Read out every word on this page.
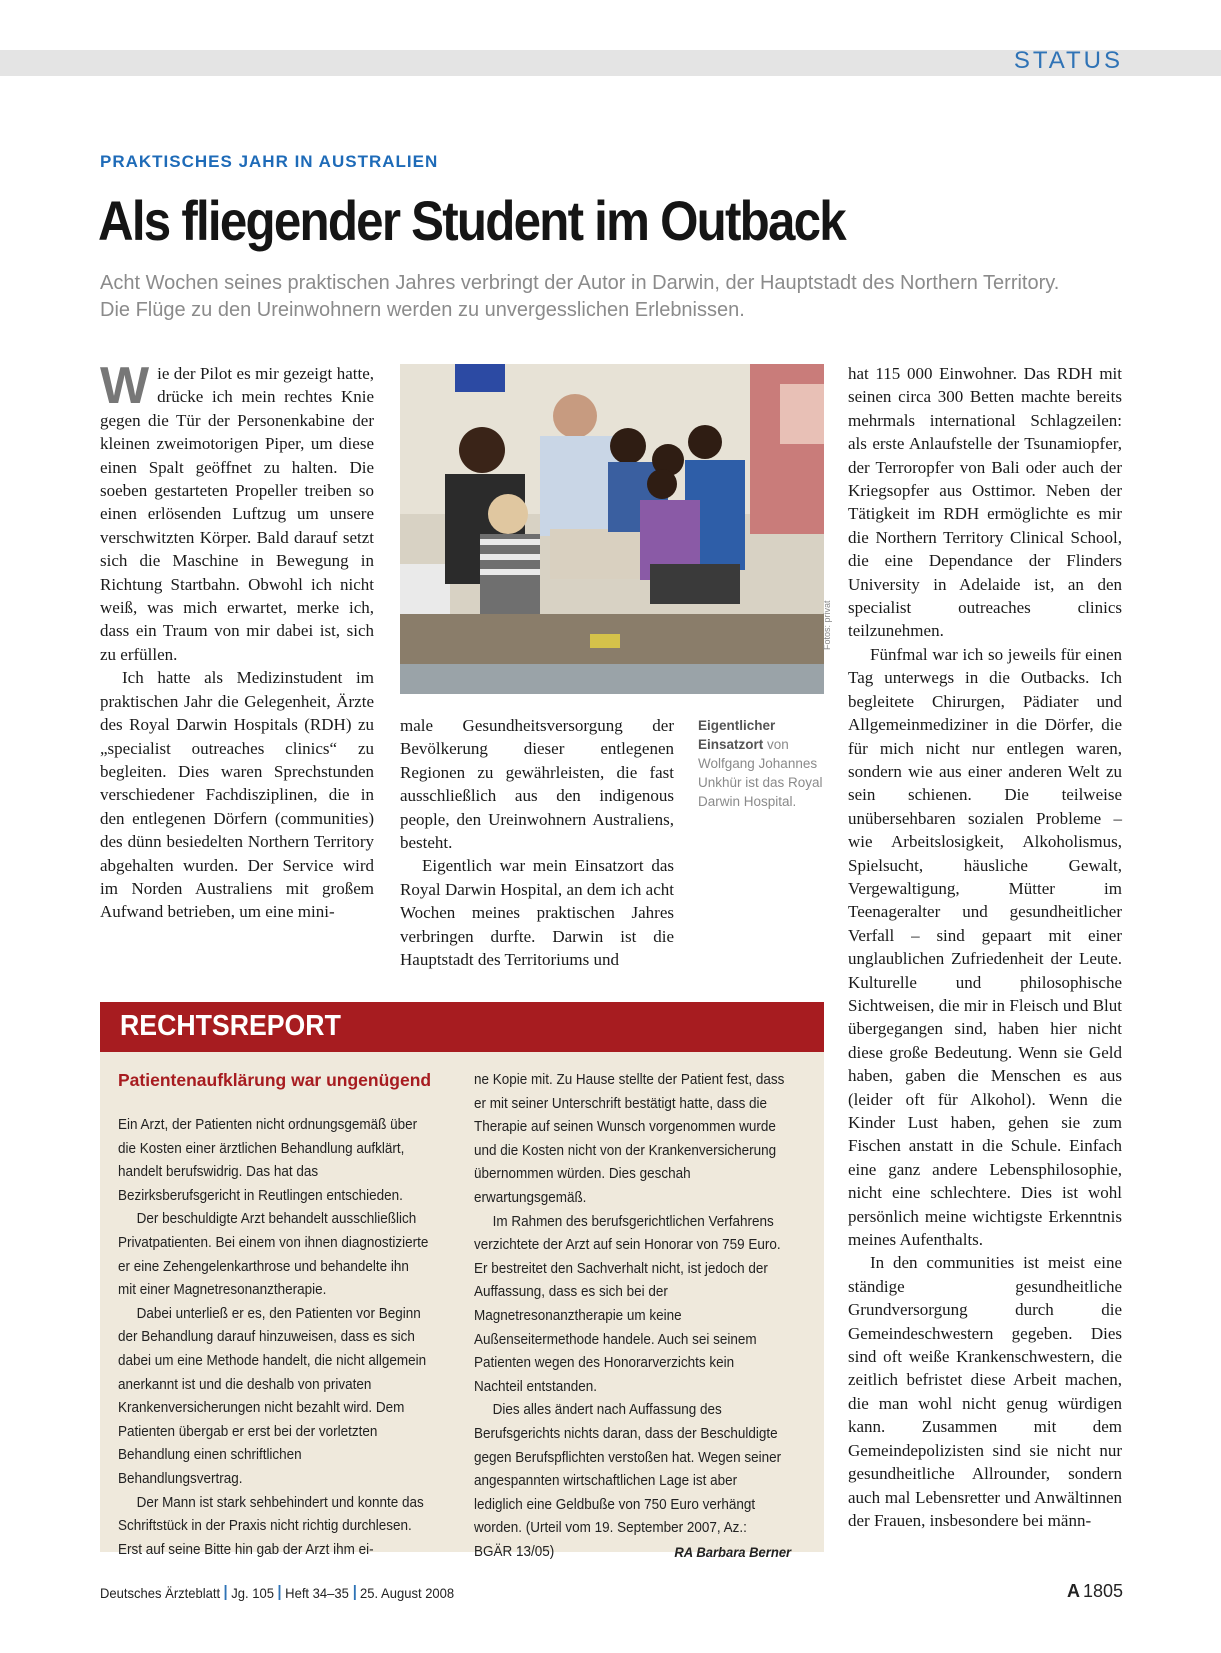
STATUS
PRAKTISCHES JAHR IN AUSTRALIEN
Als fliegender Student im Outback
Acht Wochen seines praktischen Jahres verbringt der Autor in Darwin, der Hauptstadt des Northern Territory. Die Flüge zu den Ureinwohnern werden zu unvergesslichen Erlebnissen.

Wie der Pilot es mir gezeigt hatte, drücke ich mein rechtes Knie gegen die Tür der Personenkabine der kleinen zweimotorigen Piper, um diese einen Spalt geöffnet zu halten. Die soeben gestarteten Propeller treiben so einen erlösenden Luftzug um unsere verschwitzten Körper. Bald darauf setzt sich die Maschine in Bewegung in Richtung Startbahn. Obwohl ich nicht weiß, was mich erwartet, merke ich, dass ein Traum von mir dabei ist, sich zu erfüllen.

Ich hatte als Medizinstudent im praktischen Jahr die Gelegenheit, Ärzte des Royal Darwin Hospitals (RDH) zu „specialist outreaches clinics“ zu begleiten. Dies waren Sprechstunden verschiedener Fachdisziplinen, die in den entlegenen Dörfern (communities) des dünn besiedelten Northern Territory abgehalten wurden. Der Service wird im Norden Australiens mit großem Aufwand betrieben, um eine mini-

Fotos: privat
Eigentlicher Einsatzort von Wolfgang Johannes Unkhür ist das Royal Darwin Hospital.

male Gesundheitsversorgung der Bevölkerung dieser entlegenen Regionen zu gewährleisten, die fast ausschließlich aus den indigenous people, den Ureinwohnern Australiens, besteht.

Eigentlich war mein Einsatzort das Royal Darwin Hospital, an dem ich acht Wochen meines praktischen Jahres verbringen durfte. Darwin ist die Hauptstadt des Territoriums und

hat 115 000 Einwohner. Das RDH mit seinen circa 300 Betten machte bereits mehrmals international Schlagzeilen: als erste Anlaufstelle der Tsunamiopfer, der Terroropfer von Bali oder auch der Kriegsopfer aus Osttimor. Neben der Tätigkeit im RDH ermöglichte es mir die Northern Territory Clinical School, die eine Dependance der Flinders University in Adelaide ist, an den specialist outreaches clinics teilzunehmen.

Fünfmal war ich so jeweils für einen Tag unterwegs in die Outbacks. Ich begleitete Chirurgen, Pädiater und Allgemeinmediziner in die Dörfer, die für mich nicht nur entlegen waren, sondern wie aus einer anderen Welt zu sein schienen. Die teilweise unübersehbaren sozialen Probleme – wie Arbeitslosigkeit, Alkoholismus, Spielsucht, häusliche Gewalt, Vergewaltigung, Mütter im Teenageralter und gesundheitlicher Verfall – sind gepaart mit einer unglaublichen Zufriedenheit der Leute. Kulturelle und philosophische Sichtweisen, die mir in Fleisch und Blut übergegangen sind, haben hier nicht diese große Bedeutung. Wenn sie Geld haben, gaben die Menschen es aus (leider oft für Alkohol). Wenn die Kinder Lust haben, gehen sie zum Fischen anstatt in die Schule. Einfach eine ganz andere Lebensphilosophie, nicht eine schlechtere. Dies ist wohl persönlich meine wichtigste Erkenntnis meines Aufenthalts.

In den communities ist meist eine ständige gesundheitliche Grundversorgung durch die Gemeindeschwestern gegeben. Dies sind oft weiße Krankenschwestern, die zeitlich befristet diese Arbeit machen, die man wohl nicht genug würdigen kann. Zusammen mit dem Gemeindepolizisten sind sie nicht nur gesundheitliche Allrounder, sondern auch mal Lebensretter und Anwältinnen der Frauen, insbesondere bei männ-

RECHTSREPORT
Patientenaufklärung war ungenügend

Ein Arzt, der Patienten nicht ordnungsgemäß über die Kosten einer ärztlichen Behandlung aufklärt, handelt berufswidrig. Das hat das Bezirksberufsgericht in Reutlingen entschieden.

Der beschuldigte Arzt behandelt ausschließlich Privatpatienten. Bei einem von ihnen diagnostizierte er eine Zehengelenkarthrose und behandelte ihn mit einer Magnetresonanztherapie.

Dabei unterließ er es, den Patienten vor Beginn der Behandlung darauf hinzuweisen, dass es sich dabei um eine Methode handelt, die nicht allgemein anerkannt ist und die deshalb von privaten Krankenversicherungen nicht bezahlt wird. Dem Patienten übergab er erst bei der vorletzten Behandlung einen schriftlichen Behandlungsvertrag.

Der Mann ist stark sehbehindert und konnte das Schriftstück in der Praxis nicht richtig durchlesen. Erst auf seine Bitte hin gab der Arzt ihm ei-

ne Kopie mit. Zu Hause stellte der Patient fest, dass er mit seiner Unterschrift bestätigt hatte, dass die Therapie auf seinen Wunsch vorgenommen wurde und die Kosten nicht von der Krankenversicherung übernommen würden. Dies geschah erwartungsgemäß.

Im Rahmen des berufsgerichtlichen Verfahrens verzichtete der Arzt auf sein Honorar von 759 Euro. Er bestreitet den Sachverhalt nicht, ist jedoch der Auffassung, dass es sich bei der Magnetresonanztherapie um keine Außenseitermethode handele. Auch sei seinem Patienten wegen des Honorarverzichts kein Nachteil entstanden.

Dies alles ändert nach Auffassung des Berufsgerichts nichts daran, dass der Beschuldigte gegen Berufspflichten verstoßen hat. Wegen seiner angespannten wirtschaftlichen Lage ist aber lediglich eine Geldbuße von 750 Euro verhängt worden. (Urteil vom 19. September 2007, Az.: BGÄR 13/05)	RA Barbara Berner

Deutsches Ärzteblatt Jg. 105 Heft 34–35 25. August 2008	A 1805
